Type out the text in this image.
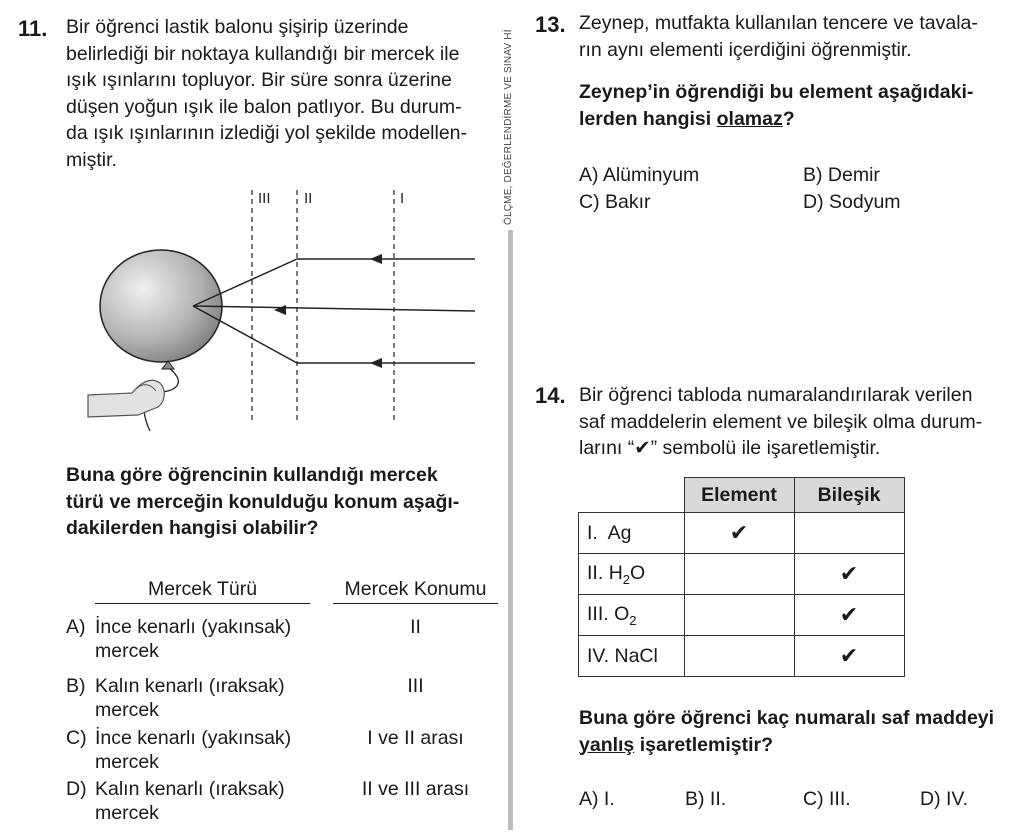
ÖLÇME, DEĞERLENDİRME VE SINAV Hİ
11. Bir öğrenci lastik balonu şişirip üzerinde
belirlediği bir noktaya kullandığı bir mercek ile
ışık ışınlarını topluyor. Bir süre sonra üzerine
düşen yoğun ışık ile balon patlıyor. Bu durum-
da ışık ışınlarının izlediği yol şekilde modellen-
miştir.
III II	I
Buna göre öğrencinin kullandığı mercek
türü ve merceğin konulduğu konum aşağı-
dakilerden hangisi olabilir?
Mercek Türü	Mercek Konumu
A) İnce kenarlı (yakınsak)
mercek
II
B) Kalın kenarlı (ıraksak)
mercek
III
C) İnce kenarlı (yakınsak)
mercek
I ve II arası
D) Kalın kenarlı (ıraksak)
mercek
II ve III arası
13. Zeynep, mutfakta kullanılan tencere ve tavala-
rın aynı elementi içerdiğini öğrenmiştir.
Zeynep’in öğrendiği bu element aşağıdaki-
lerden hangisi olamaz?
A) Alüminyum	B) Demir
C) Bakır	D) Sodyum
14. Bir öğrenci tabloda numaralandırılarak verilen
saf maddelerin element ve bileşik olma durum-
larını “✔” sembolü ile işaretlemiştir.
	Element	Bileşik
I. Ag	✔	
II. $H_2O$		✔
III. $O_2$		✔
IV. NaCl		✔
Buna göre öğrenci kaç numaralı saf maddeyi
yanlış işaretlemiştir?
A) I.	B) II.	C) III.	D) IV.
